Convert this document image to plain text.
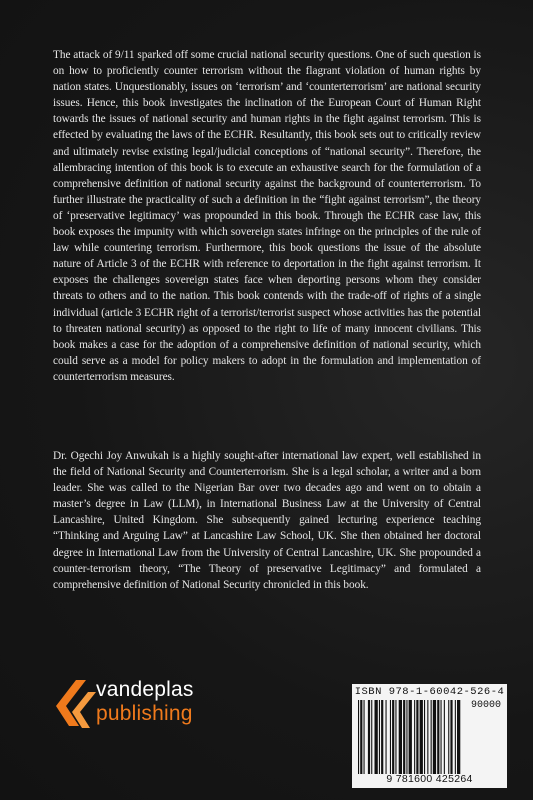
The attack of 9/11 sparked off some crucial national security questions. One of such question is on how to proficiently counter terrorism without the flagrant violation of human rights by nation states. Unquestionably, issues on ‘terrorism’ and ‘counterterrorism’ are national security issues. Hence, this book investigates the inclination of the European Court of Human Right towards the issues of national security and human rights in the fight against terrorism. This is effected by evaluating the laws of the ECHR. Resultantly, this book sets out to critically review and ultimately revise existing legal/judicial conceptions of “national security”. Therefore, the allembracing intention of this book is to execute an exhaustive search for the formulation of a comprehensive definition of national security against the background of counterterrorism. To further illustrate the practicality of such a definition in the “fight against terrorism”, the theory of ‘preservative legitimacy’ was propounded in this book. Through the ECHR case law, this book exposes the impunity with which sovereign states infringe on the principles of the rule of law while countering terrorism. Furthermore, this book questions the issue of the absolute nature of Article 3 of the ECHR with reference to deportation in the fight against terrorism. It exposes the challenges sovereign states face when deporting persons whom they consider threats to others and to the nation. This book contends with the trade-off of rights of a single individual (article 3 ECHR right of a terrorist/terrorist suspect whose activities has the potential to threaten national security) as opposed to the right to life of many innocent civilians. This book makes a case for the adoption of a comprehensive definition of national security, which could serve as a model for policy makers to adopt in the formulation and implementation of counterterrorism measures.

Dr. Ogechi Joy Anwukah is a highly sought-after international law expert, well established in the field of National Security and Counterterrorism. She is a legal scholar, a writer and a born leader. She was called to the Nigerian Bar over two decades ago and went on to obtain a master’s degree in Law (LLM), in International Business Law at the University of Central Lancashire, United Kingdom. She subsequently gained lecturing experience teaching “Thinking and Arguing Law” at Lancashire Law School, UK. She then obtained her doctoral degree in International Law from the University of Central Lancashire, UK. She propounded a counter-terrorism theory, “The Theory of preservative Legitimacy” and formulated a comprehensive definition of National Security chronicled in this book.

vandeplas
publishing
ISBN 978-1-60042-526-4
90000
9 781600 425264
